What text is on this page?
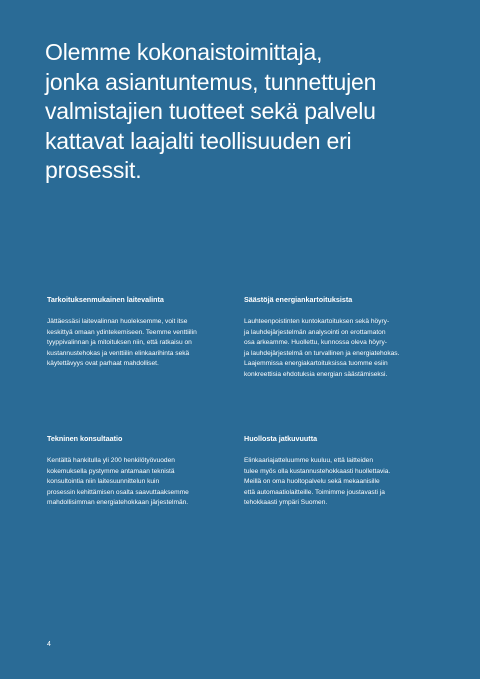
Olemme kokonaistoimittaja,
jonka asiantuntemus, tunnettujen
valmistajien tuotteet sekä palvelu
kattavat laajalti teollisuuden eri
prosessit.
Tarkoituksenmukainen laitevalinta

Jättäessäsi laitevalinnan huoleksemme, voit itse
keskittyä omaan ydintekemiseen. Teemme venttiilin
tyyppivalinnan ja mitoituksen niin, että ratkaisu on
kustannustehokas ja venttiilin elinkaarihinta sekä
käytettävyys ovat parhaat mahdolliset.

Säästöjä energiankartoituksista

Lauhteenpoistinten kuntokartoituksen sekä höyry-
ja lauhdejärjestelmän analysointi on erottamaton
osa arkeamme. Huollettu, kunnossa oleva höyry-
ja lauhdejärjestelmä on turvallinen ja energiatehokas.
Laajemmissa energiakartoituksissa tuomme esiin
konkreettisia ehdotuksia energian säästämiseksi.

Tekninen konsultaatio

Kentältä hankitulla yli 200 henkilötyövuoden
kokemuksella pystymme antamaan teknistä
konsultointia niin laitesuunnittelun kuin
prosessin kehittämisen osalta saavuttaaksemme
mahdollisimman energiatehokkaan järjestelmän.

Huollosta jatkuvuutta

Elinkaariajatteluumme kuuluu, että laitteiden
tulee myös olla kustannustehokkaasti huollettavia.
Meillä on oma huoltopalvelu sekä mekaanisille
että automaatiolaitteille. Toimimme joustavasti ja
tehokkaasti ympäri Suomen.

4
